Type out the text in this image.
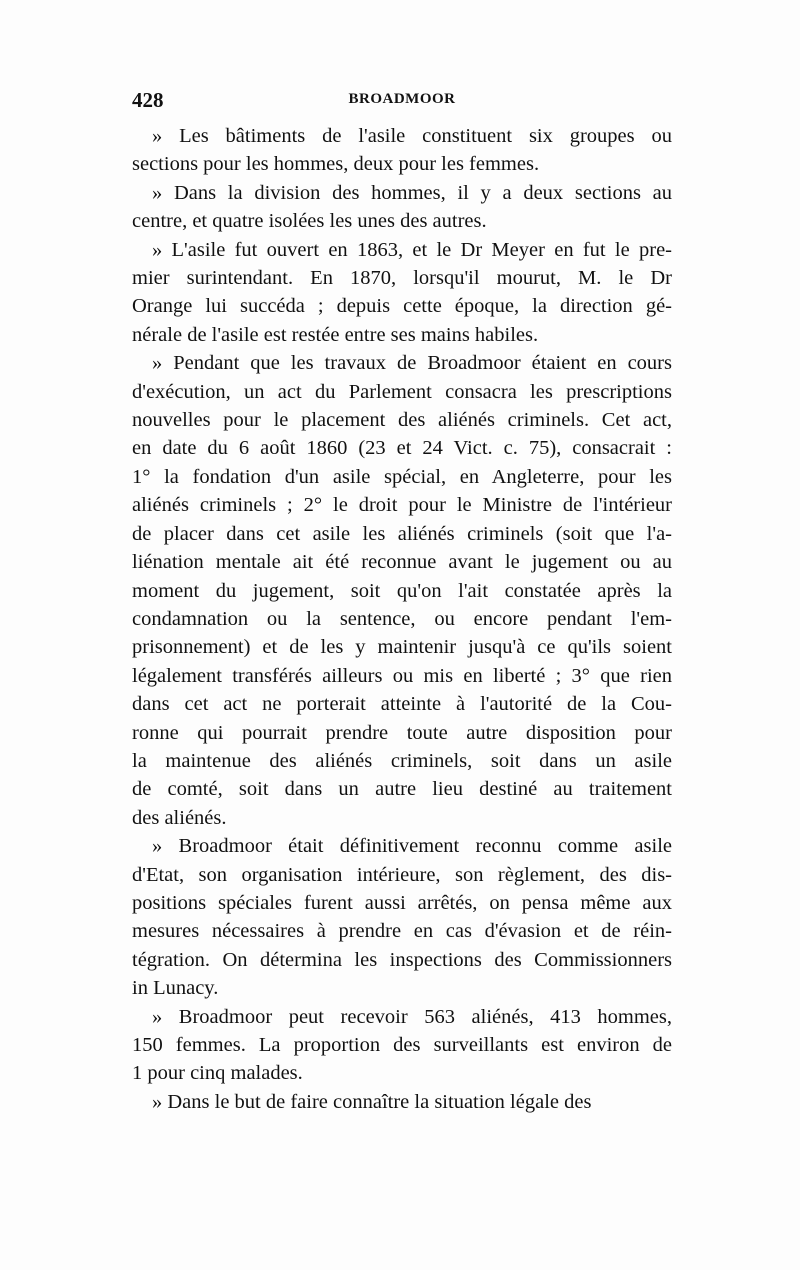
428	BROADMOOR

» Les bâtiments de l'asile constituent six groupes ou
sections pour les hommes, deux pour les femmes.

» Dans la division des hommes, il y a deux sections au
centre, et quatre isolées les unes des autres.

» L'asile fut ouvert en 1863, et le Dr Meyer en fut le pre-
mier surintendant. En 1870, lorsqu'il mourut, M. le Dr
Orange lui succéda ; depuis cette époque, la direction gé-
nérale de l'asile est restée entre ses mains habiles.

» Pendant que les travaux de Broadmoor étaient en cours
d'exécution, un act du Parlement consacra les prescriptions
nouvelles pour le placement des aliénés criminels. Cet act,
en date du 6 août 1860 (23 et 24 Vict. c. 75), consacrait :
1° la fondation d'un asile spécial, en Angleterre, pour les
aliénés criminels ; 2° le droit pour le Ministre de l'intérieur
de placer dans cet asile les aliénés criminels (soit que l'a-
liénation mentale ait été reconnue avant le jugement ou au
moment du jugement, soit qu'on l'ait constatée après la
condamnation ou la sentence, ou encore pendant l'em-
prisonnement) et de les y maintenir jusqu'à ce qu'ils soient
légalement transférés ailleurs ou mis en liberté ; 3° que rien
dans cet act ne porterait atteinte à l'autorité de la Cou-
ronne qui pourrait prendre toute autre disposition pour
la maintenue des aliénés criminels, soit dans un asile
de comté, soit dans un autre lieu destiné au traitement
des aliénés.

» Broadmoor était définitivement reconnu comme asile
d'Etat, son organisation intérieure, son règlement, des dis-
positions spéciales furent aussi arrêtés, on pensa même aux
mesures nécessaires à prendre en cas d'évasion et de réin-
tégration. On détermina les inspections des Commissionners
in Lunacy.

» Broadmoor peut recevoir 563 aliénés, 413 hommes,
150 femmes. La proportion des surveillants est environ de
1 pour cinq malades.

» Dans le but de faire connaître la situation légale des
